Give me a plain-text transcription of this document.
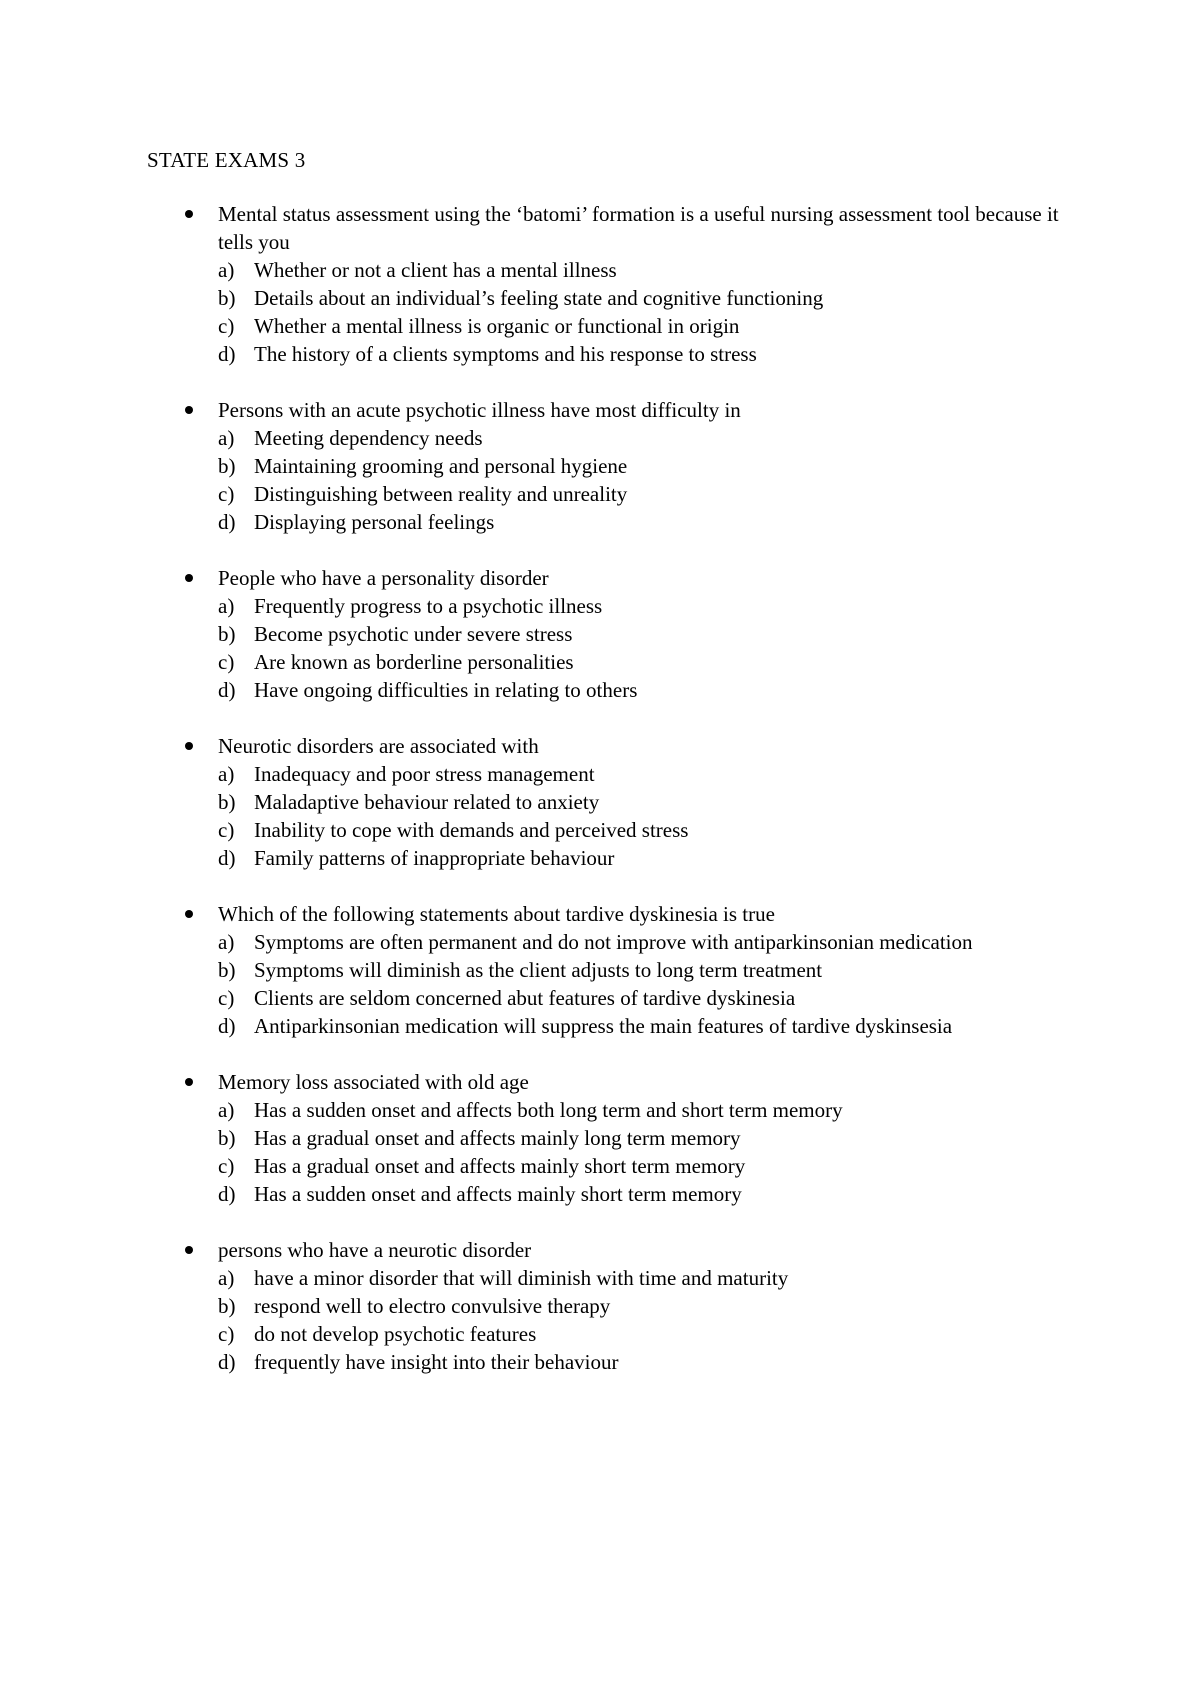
STATE EXAMS 3

Mental status assessment using the ‘batomi’ formation is a useful nursing assessment tool because it tells you

a) Whether or not a client has a mental illness
b) Details about an individual’s feeling state and cognitive functioning
c) Whether a mental illness is organic or functional in origin
d) The history of a clients symptoms and his response to stress

Persons with an acute psychotic illness have most difficulty in

a) Meeting dependency needs
b) Maintaining grooming and personal hygiene
c) Distinguishing between reality and unreality
d) Displaying personal feelings

People who have a personality disorder

a) Frequently progress to a psychotic illness
b) Become psychotic under severe stress
c) Are known as borderline personalities
d) Have ongoing difficulties in relating to others

Neurotic disorders are associated with

a) Inadequacy and poor stress management
b) Maladaptive behaviour related to anxiety
c) Inability to cope with demands and perceived stress
d) Family patterns of inappropriate behaviour

Which of the following statements about tardive dyskinesia is true

a) Symptoms are often permanent and do not improve with antiparkinsonian medication
b) Symptoms will diminish as the client adjusts to long term treatment
c) Clients are seldom concerned abut features of tardive dyskinesia
d) Antiparkinsonian medication will suppress the main features of tardive dyskinsesia

Memory loss associated with old age

a) Has a sudden onset and affects both long term and short term memory
b) Has a gradual onset and affects mainly long term memory
c) Has a gradual onset and affects mainly short term memory
d) Has a sudden onset and affects mainly short term memory

persons who have a neurotic disorder

a) have a minor disorder that will diminish with time and maturity
b) respond well to electro convulsive therapy
c) do not develop psychotic features
d) frequently have insight into their behaviour
